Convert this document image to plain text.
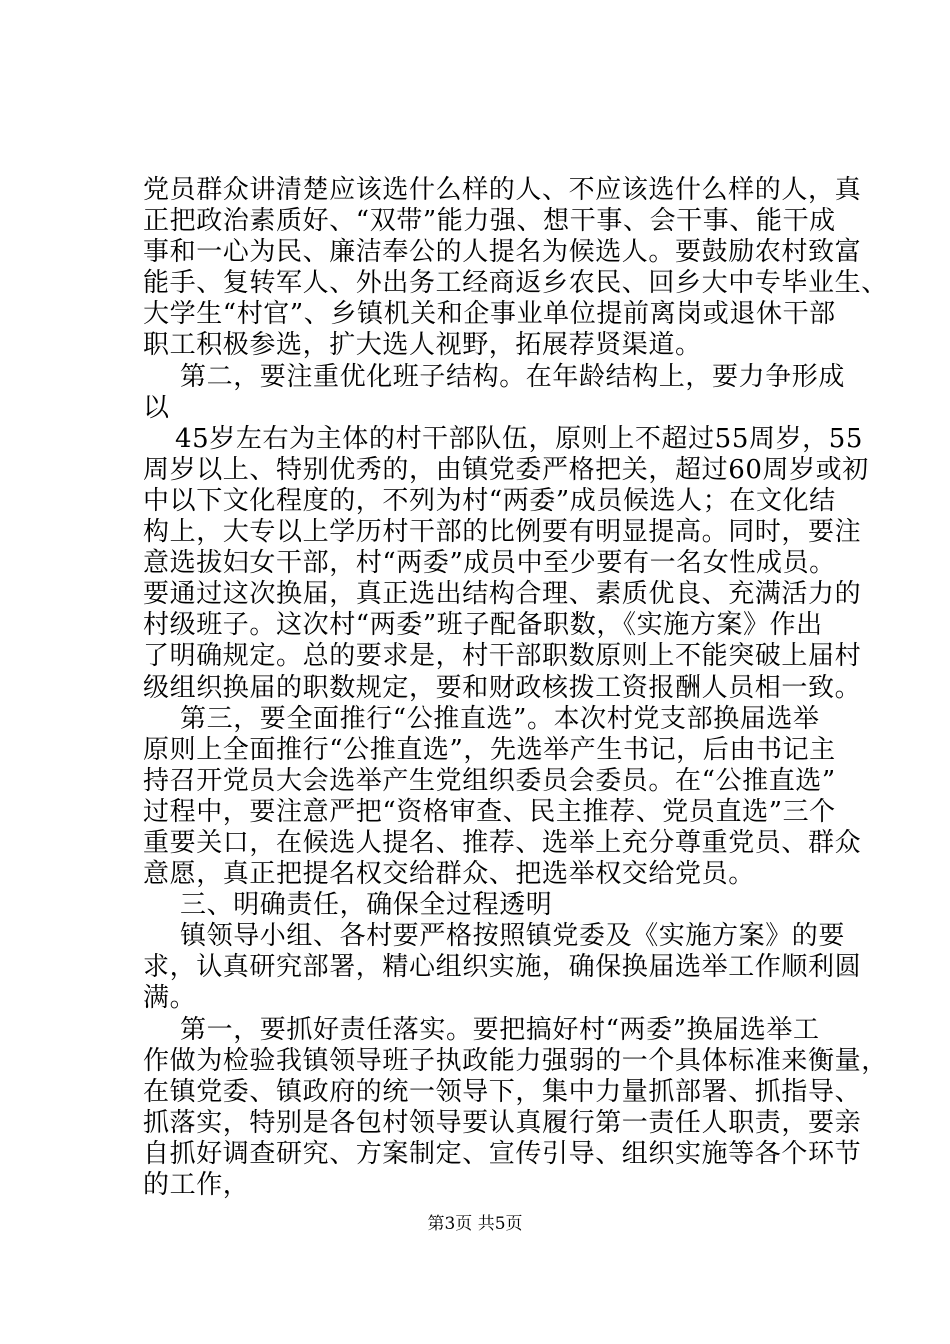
党员群众讲清楚应该选什么样的人、不应该选什么样的人，真
正把政治素质好、“双带”能力强、想干事、会干事、能干成
事和一心为民、廉洁奉公的人提名为候选人。要鼓励农村致富
能手、复转军人、外出务工经商返乡农民、回乡大中专毕业生、
大学生“村官”、乡镇机关和企事业单位提前离岗或退休干部
职工积极参选，扩大选人视野，拓展荐贤渠道。
第二，要注重优化班子结构。在年龄结构上，要力争形成
以
45岁左右为主体的村干部队伍，原则上不超过55周岁，55
周岁以上、特别优秀的，由镇党委严格把关，超过60周岁或初
中以下文化程度的，不列为村“两委”成员候选人；在文化结
构上，大专以上学历村干部的比例要有明显提高。同时，要注
意选拔妇女干部，村“两委”成员中至少要有一名女性成员。
要通过这次换届，真正选出结构合理、素质优良、充满活力的
村级班子。这次村“两委”班子配备职数，《实施方案》作出
了明确规定。总的要求是，村干部职数原则上不能突破上届村
级组织换届的职数规定，要和财政核拨工资报酬人员相一致。
第三，要全面推行“公推直选”。本次村党支部换届选举
原则上全面推行“公推直选”，先选举产生书记，后由书记主
持召开党员大会选举产生党组织委员会委员。在“公推直选”
过程中，要注意严把“资格审查、民主推荐、党员直选”三个
重要关口，在候选人提名、推荐、选举上充分尊重党员、群众
意愿，真正把提名权交给群众、把选举权交给党员。
三、明确责任，确保全过程透明
镇领导小组、各村要严格按照镇党委及《实施方案》的要
求，认真研究部署，精心组织实施，确保换届选举工作顺利圆
满。
第一，要抓好责任落实。要把搞好村“两委”换届选举工
作做为检验我镇领导班子执政能力强弱的一个具体标准来衡量，
在镇党委、镇政府的统一领导下，集中力量抓部署、抓指导、
抓落实，特别是各包村领导要认真履行第一责任人职责，要亲
自抓好调查研究、方案制定、宣传引导、组织实施等各个环节
的工作，
第3页 共5页
